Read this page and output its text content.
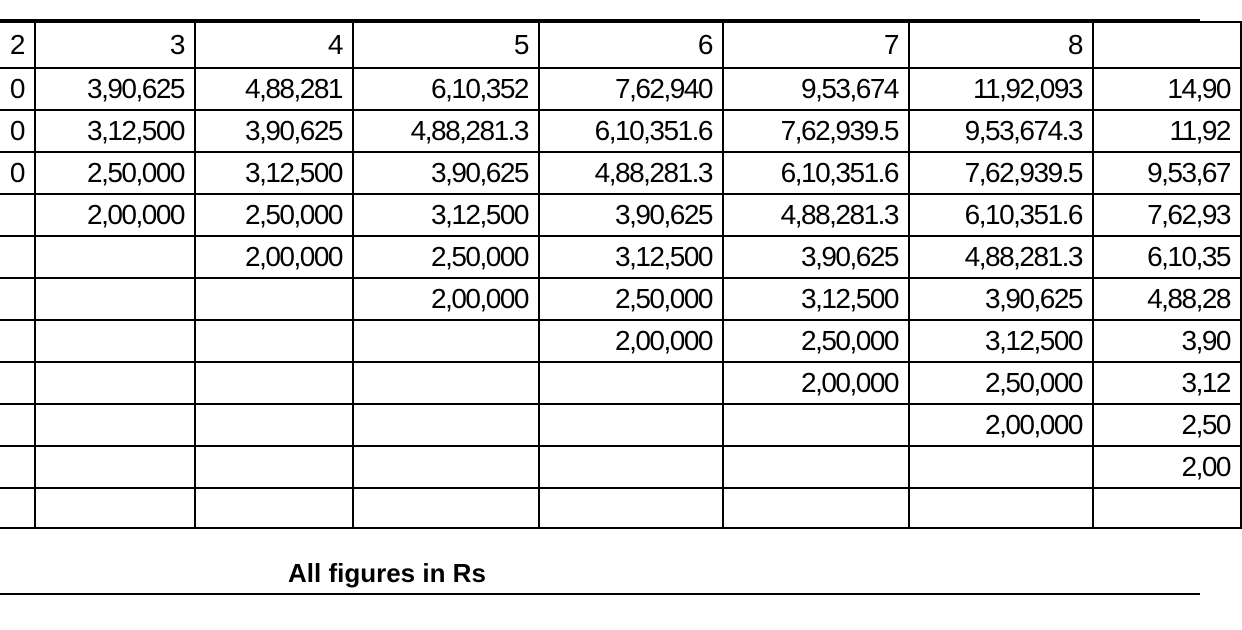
2	3	4	5	6	7	8	
0	3,90,625	4,88,281	6,10,352	7,62,940	9,53,674	11,92,093	14,90
0	3,12,500	3,90,625	4,88,281.3	6,10,351.6	7,62,939.5	9,53,674.3	11,92
0	2,50,000	3,12,500	3,90,625	4,88,281.3	6,10,351.6	7,62,939.5	9,53,67
	2,00,000	2,50,000	3,12,500	3,90,625	4,88,281.3	6,10,351.6	7,62,93
		2,00,000	2,50,000	3,12,500	3,90,625	4,88,281.3	6,10,35
			2,00,000	2,50,000	3,12,500	3,90,625	4,88,28
				2,00,000	2,50,000	3,12,500	3,90
					2,00,000	2,50,000	3,12
						2,00,000	2,50
							2,00

All figures in Rs
